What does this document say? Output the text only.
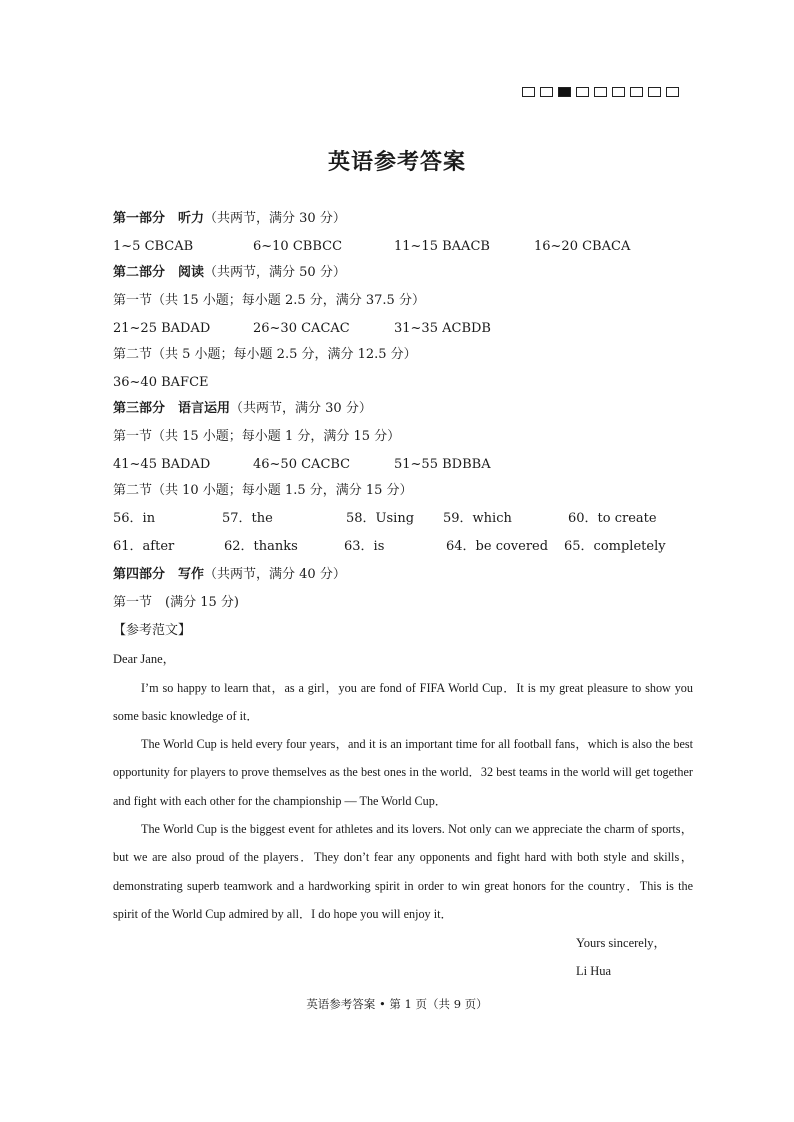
英语参考答案
第一部分　听力（共两节，满分 30 分）
1~5 CBCAB	6~10 CBBCC	11~15 BAACB	16~20 CBACA
第二部分　阅读（共两节，满分 50 分）
第一节（共 15 小题；每小题 2.5 分，满分 37.5 分）
21~25 BADAD	26~30 CACAC	31~35 ACBDB
第二节（共 5 小题；每小题 2.5 分，满分 12.5 分）
36~40 BAFCE
第三部分　语言运用（共两节，满分 30 分）
第一节（共 15 小题；每小题 1 分，满分 15 分）
41~45 BADAD	46~50 CACBC	51~55 BDBBA
第二节（共 10 小题；每小题 1.5 分，满分 15 分）
56．in	57．the	58．Using 59．which	60．to create
61．after	62．thanks	63．is	64．be covered 65．completely
第四部分　写作（共两节，满分 40 分）
第一节　(满分 15 分)
【参考范文】
Dear Jane，
I’m so happy to learn that，as a girl，you are fond of FIFA World Cup．It is my great pleasure to show you some basic knowledge of it．
The World Cup is held every four years，and it is an important time for all football fans，which is also the best opportunity for players to prove themselves as the best ones in the world．32 best teams in the world will get together and fight with each other for the championship — The World Cup．
The World Cup is the biggest event for athletes and its lovers. Not only can we appreciate the charm of sports，but we are also proud of the players．They don’t fear any opponents and fight hard with both style and skills，demonstrating superb teamwork and a hardworking spirit in order to win great honors for the country．This is the spirit of the World Cup admired by all．I do hope you will enjoy it．
Yours sincerely，
Li Hua
英语参考答案 • 第 1 页（共 9 页）
